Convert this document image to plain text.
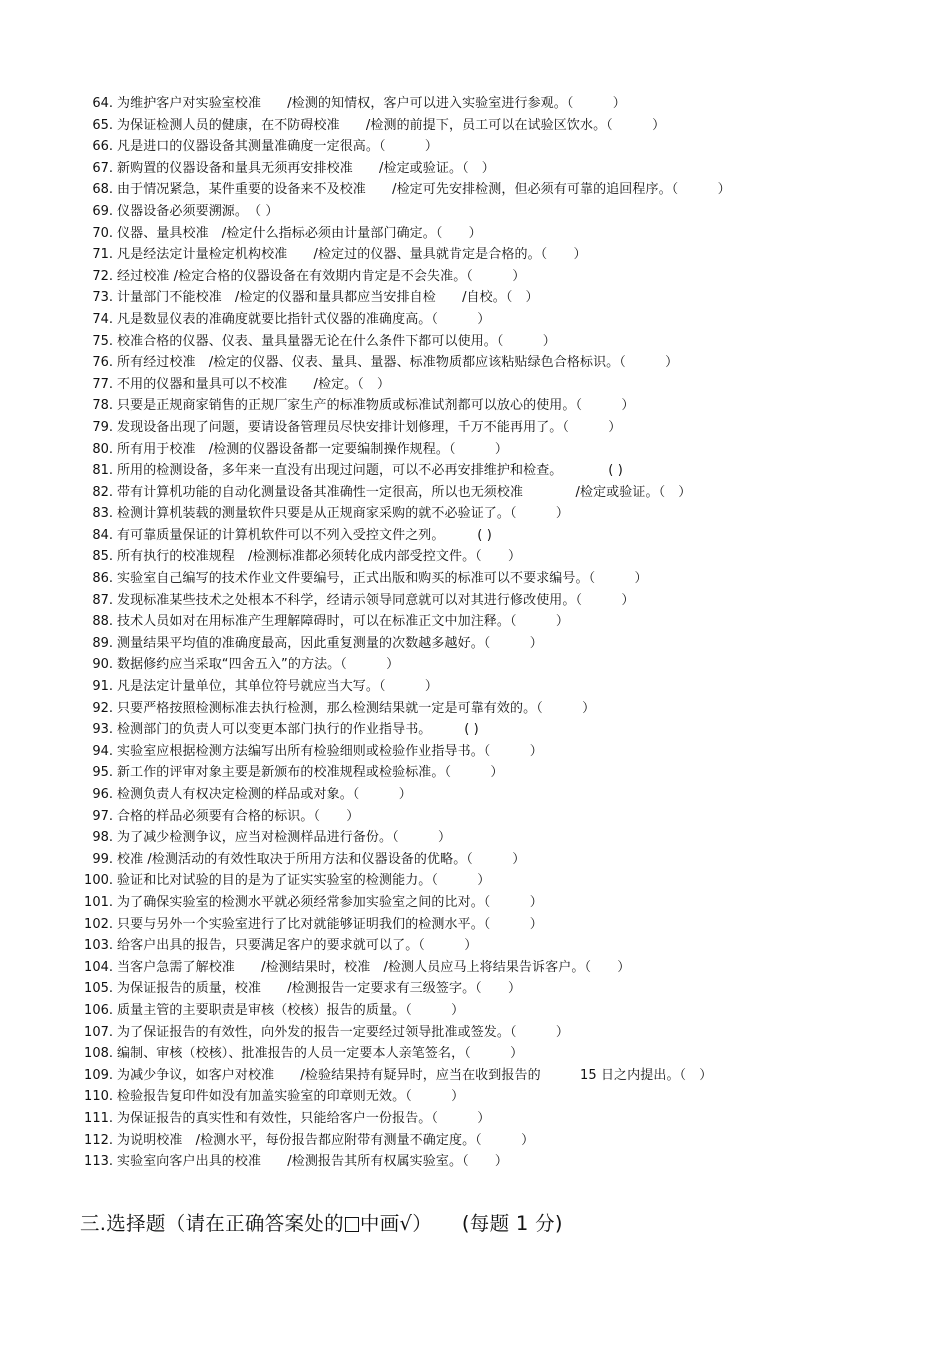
64. 为维护客户对实验室校准　　/检测的知情权，客户可以进入实验室进行参观。（　　　）
65. 为保证检测人员的健康，在不防碍校准　　/检测的前提下，员工可以在试验区饮水。（　　　）
66. 凡是进口的仪器设备其测量准确度一定很高。（　　　）
67. 新购置的仪器设备和量具无须再安排校准　　/检定或验证。（　）
68. 由于情况紧急，某件重要的设备来不及校准　　/检定可先安排检测，但必须有可靠的追回程序。（　　　）
69. 仪器设备必须要溯源。　（ ）
70. 仪器、量具校准　/检定什么指标必须由计量部门确定。（　　）
71. 凡是经法定计量检定机构校准　　/检定过的仪器、量具就肯定是合格的。（　　）
72. 经过校准 /检定合格的仪器设备在有效期内肯定是不会失准。（　　　）
73. 计量部门不能校准　/检定的仪器和量具都应当安排自检　　/自校。（　）
74. 凡是数显仪表的准确度就要比指针式仪器的准确度高。（　　　）
75. 校准合格的仪器、仪表、量具量器无论在什么条件下都可以使用。（　　　）
76. 所有经过校准　/检定的仪器、仪表、量具、量器、标准物质都应该粘贴绿色合格标识。（　　　）
77. 不用的仪器和量具可以不校准　　/检定。（　）
78. 只要是正规商家销售的正规厂家生产的标准物质或标准试剂都可以放心的使用。（　　　）
79. 发现设备出现了问题，要请设备管理员尽快安排计划修理，千万不能再用了。（　　　）
80. 所有用于校准　/检测的仪器设备都一定要编制操作规程。（　　　）
81. 所用的检测设备，多年来一直没有出现过问题，可以不必再安排维护和检查。　　　　( )
82. 带有计算机功能的自动化测量设备其准确性一定很高，所以也无须校准　　　　/检定或验证。（　）
83. 检测计算机装载的测量软件只要是从正规商家采购的就不必验证了。（　　　）
84. 有可靠质量保证的计算机软件可以不列入受控文件之列。　　　( )
85. 所有执行的校准规程　/检测标准都必须转化成内部受控文件。（　　）
86. 实验室自己编写的技术作业文件要编号，正式出版和购买的标准可以不要求编号。（　　　）
87. 发现标准某些技术之处根本不科学，经请示领导同意就可以对其进行修改使用。（　　　）
88. 技术人员如对在用标准产生理解障碍时，可以在标准正文中加注释。（　　　）
89. 测量结果平均值的准确度最高，因此重复测量的次数越多越好。（　　　）
90. 数据修约应当采取“四舍五入”的方法。（　　　）
91. 凡是法定计量单位，其单位符号就应当大写。（　　　）
92. 只要严格按照检测标准去执行检测，那么检测结果就一定是可靠有效的。（　　　）
93. 检测部门的负责人可以变更本部门执行的作业指导书。　　　( )
94. 实验室应根据检测方法编写出所有检验细则或检验作业指导书。（　　　）
95. 新工作的评审对象主要是新颁布的校准规程或检验标准。（　　　）
96. 检测负责人有权决定检测的样品或对象。（　　　）
97. 合格的样品必须要有合格的标识。（　　）
98. 为了减少检测争议，应当对检测样品进行备份。（　　　）
99. 校准 /检测活动的有效性取决于所用方法和仪器设备的优略。（　　　）
100. 验证和比对试验的目的是为了证实实验室的检测能力。（　　　）
101. 为了确保实验室的检测水平就必须经常参加实验室之间的比对。（　　　）
102. 只要与另外一个实验室进行了比对就能够证明我们的检测水平。（　　　）
103. 给客户出具的报告，只要满足客户的要求就可以了。（　　　）
104. 当客户急需了解校准　　/检测结果时，校准　/检测人员应马上将结果告诉客户。（　　）
105. 为保证报告的质量，校准　　/检测报告一定要求有三级签字。（　　）
106. 质量主管的主要职责是审核（校核）报告的质量。（　　　）
107. 为了保证报告的有效性，向外发的报告一定要经过领导批准或签发。（　　　）
108. 编制、审核（校核）、批准报告的人员一定要本人亲笔签名，（　　　）
109. 为减少争议，如客户对校准　　/检验结果持有疑异时，应当在收到报告的　　　15 日之内提出。（　）
110. 检验报告复印件如没有加盖实验室的印章则无效。（　　　）
111. 为保证报告的真实性和有效性，只能给客户一份报告。（　　　）
112. 为说明校准　/检测水平，每份报告都应附带有测量不确定度。（　　　）
113. 实验室向客户出具的校准　　/检测报告其所有权属实验室。（　　）
三.选择题（请在正确答案处的 中画√）　　(每题 1 分)
